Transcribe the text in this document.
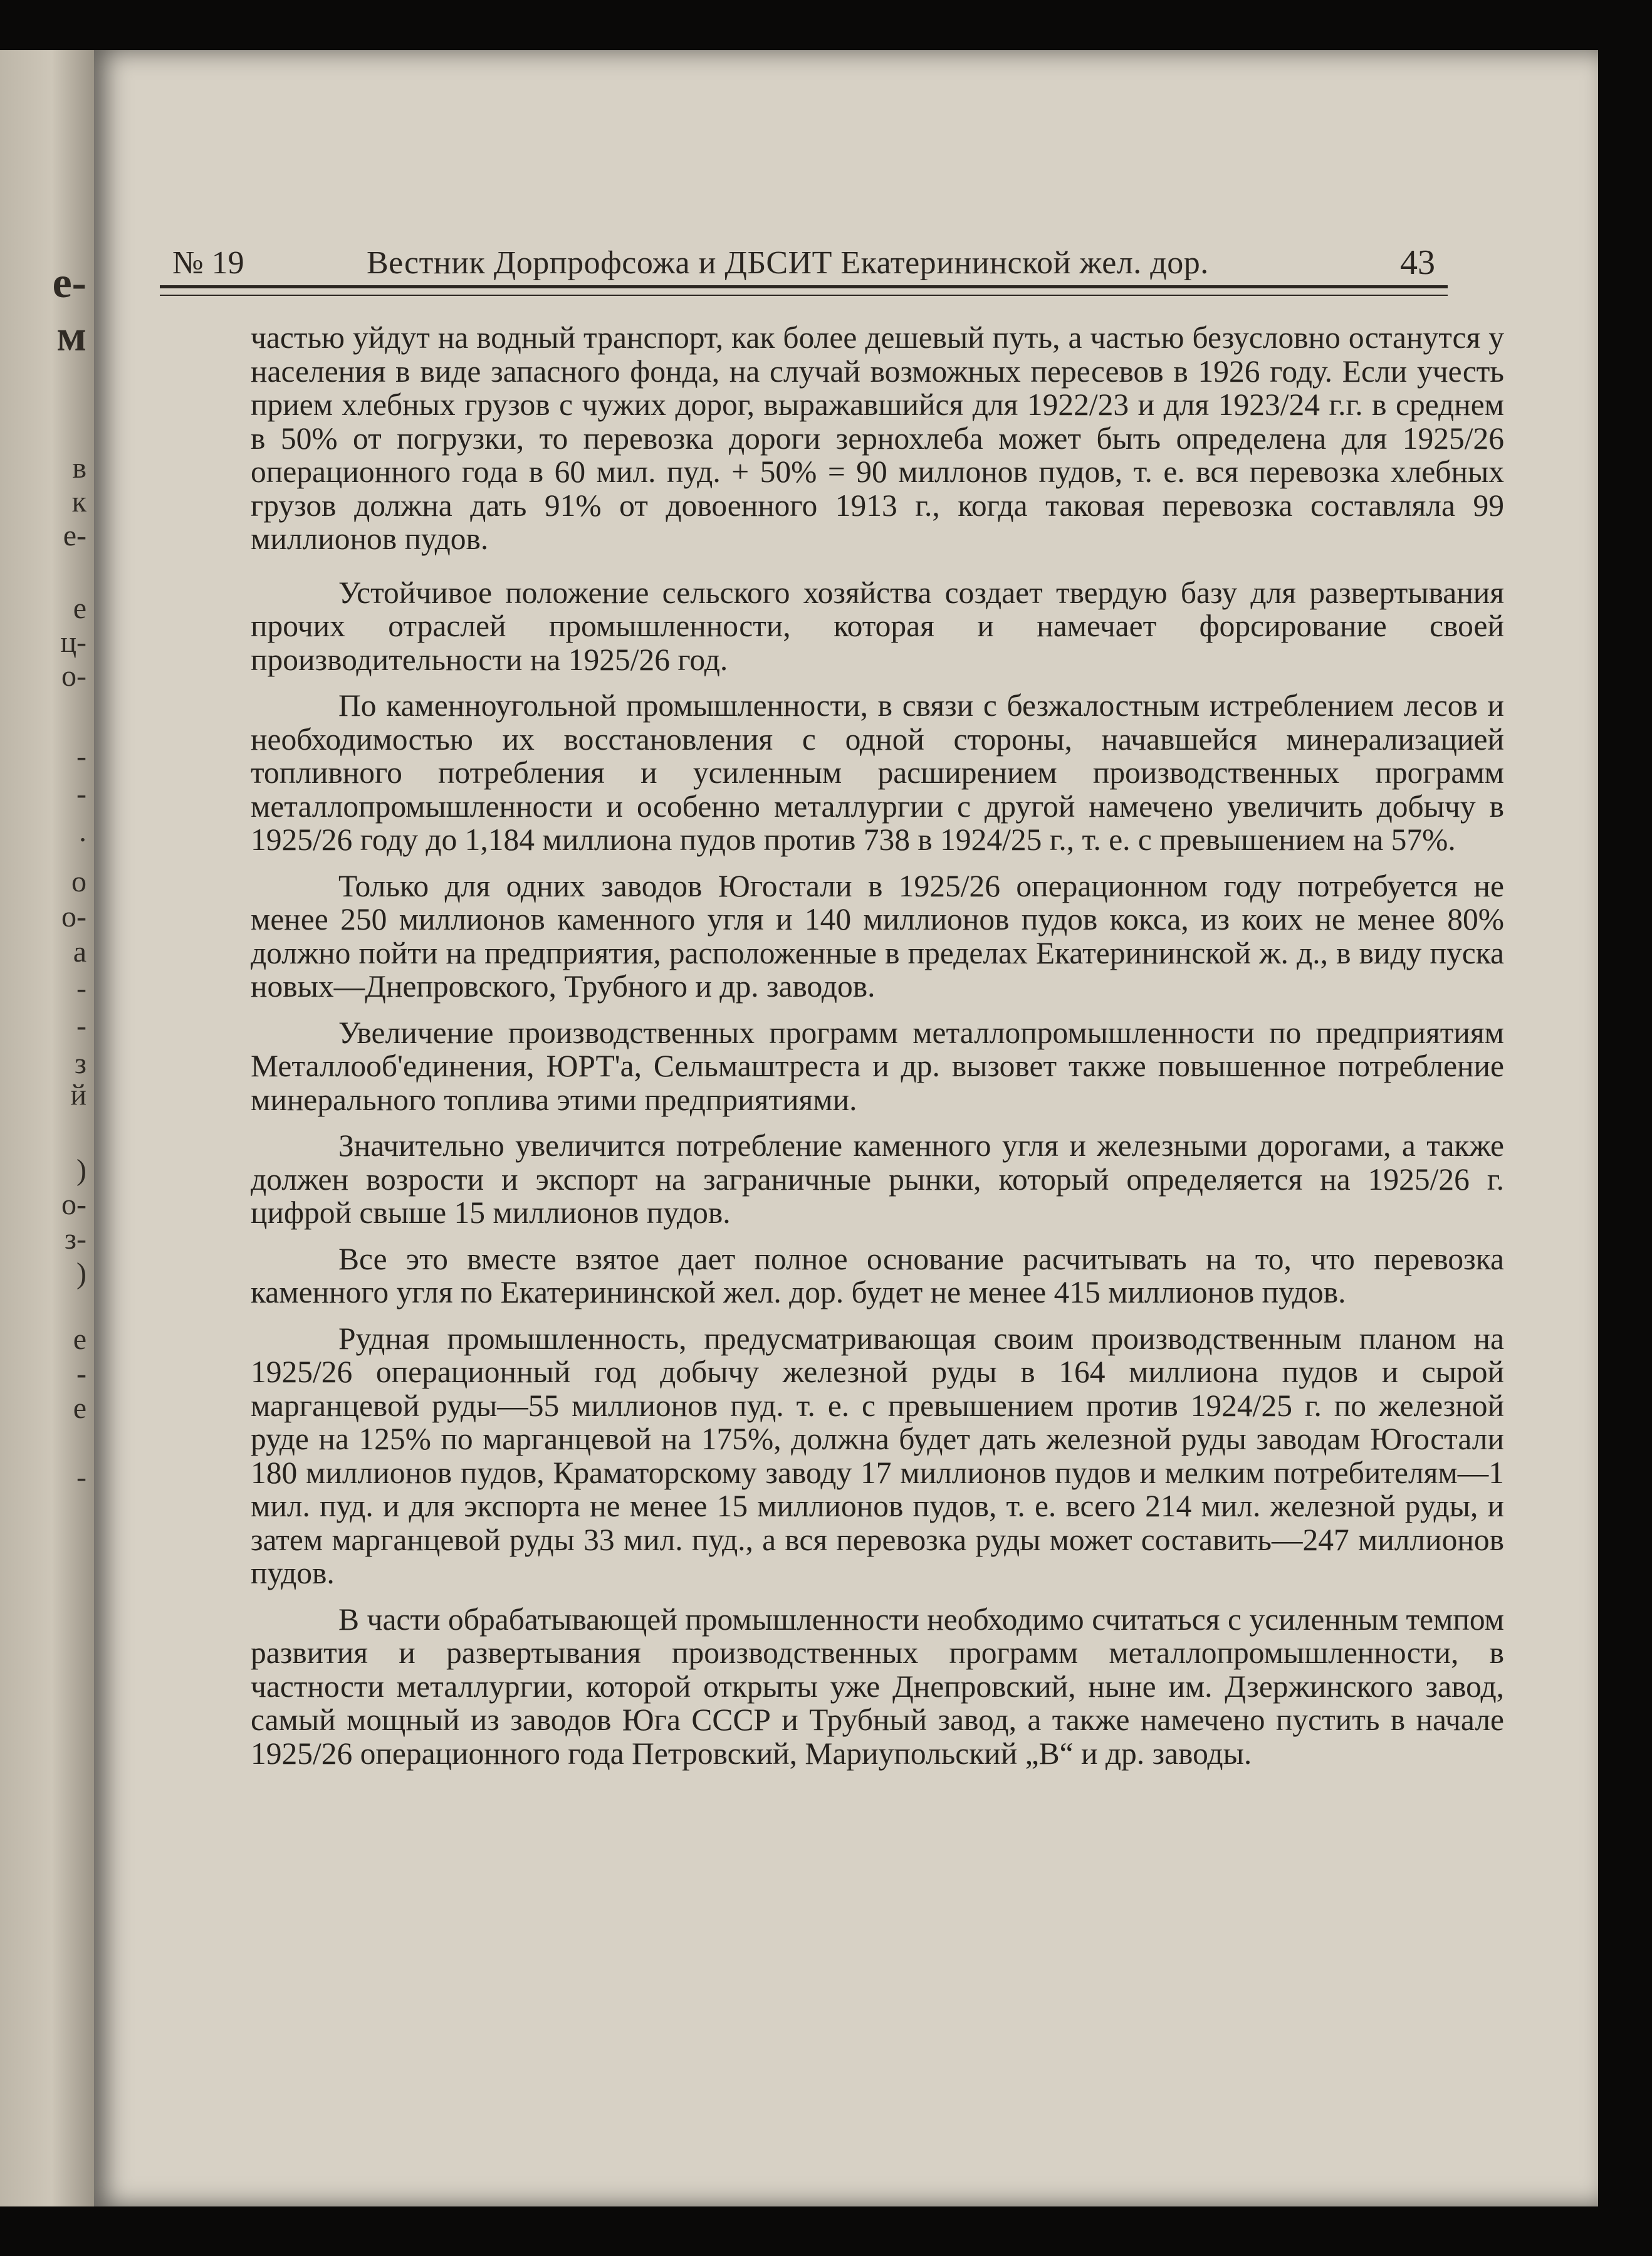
е-
м
в
к
е-
е
ц-
о-
-
-
.
о
о-
а
-
-
з
й
)
о-
з-
)
e
-
e
-
№ 19	Вестник Дорпрофсожа и ДБСИТ Екатерининской жел. дор.	43

частью уйдут на водный транспорт, как более дешевый путь, а частью безусловно останутся у населения в виде запасного фонда, на случай возможных пересевов в 1926 году. Если учесть прием хлебных грузов с чужих дорог, выражавшийся для 1922/23 и для 1923/24 г.г. в среднем в 50% от погрузки, то перевозка дороги зернохлеба может быть определена для 1925/26 операционного года в 60 мил. пуд. + 50% = 90 миллонов пудов, т. е. вся перевозка хлебных грузов должна дать 91% от довоенного 1913 г., когда таковая перевозка составляла 99 миллионов пудов.

Устойчивое положение сельского хозяйства создает твердую базу для развертывания прочих отраслей промышленности, которая и намечает форсирование своей производительности на 1925/26 год.

По каменноугольной промышленности, в связи с безжалостным истреблением лесов и необходимостью их восстановления с одной стороны, начавшейся минерализацией топливного потребления и усиленным расширением производственных программ металлопромышленности и особенно металлургии с другой намечено увеличить добычу в 1925/26 году до 1,184 миллиона пудов против 738 в 1924/25 г., т. е. с превышением на 57%.

Только для одних заводов Югостали в 1925/26 операционном году потребуется не менее 250 миллионов каменного угля и 140 миллионов пудов кокса, из коих не менее 80% должно пойти на предприятия, расположенные в пределах Екатерининской ж. д., в виду пуска новых—Днепровского, Трубного и др. заводов.

Увеличение производственных программ металлопромышленности по предприятиям Металлооб'единения, ЮРТ'а, Сельмаштреста и др. вызовет также повышенное потребление минерального топлива этими предприятиями.

Значительно увеличится потребление каменного угля и железными дорогами, а также должен возрости и экспорт на заграничные рынки, который определяется на 1925/26 г. цифрой свыше 15 миллионов пудов.

Все это вместе взятое дает полное основание расчитывать на то, что перевозка каменного угля по Екатерининской жел. дор. будет не менее 415 миллионов пудов.

Рудная промышленность, предусматривающая своим производственным планом на 1925/26 операционный год добычу железной руды в 164 миллиона пудов и сырой марганцевой руды—55 миллионов пуд. т. е. с превышением против 1924/25 г. по железной руде на 125% по марганцевой на 175%, должна будет дать железной руды заводам Югостали 180 миллионов пудов, Краматорскому заводу 17 миллионов пудов и мелким потребителям—1 мил. пуд. и для экспорта не менее 15 миллионов пудов, т. е. всего 214 мил. железной руды, и затем марганцевой руды 33 мил. пуд., а вся перевозка руды может составить—247 миллионов пудов.

В части обрабатывающей промышленности необходимо считаться с усиленным темпом развития и развертывания производственных программ металлопромышленности, в частности металлургии, которой открыты уже Днепровский, ныне им. Дзержинского завод, самый мощный из заводов Юга СССР и Трубный завод, а также намечено пустить в начале 1925/26 операционного года Петровский, Мариупольский „В“ и др. заводы.
